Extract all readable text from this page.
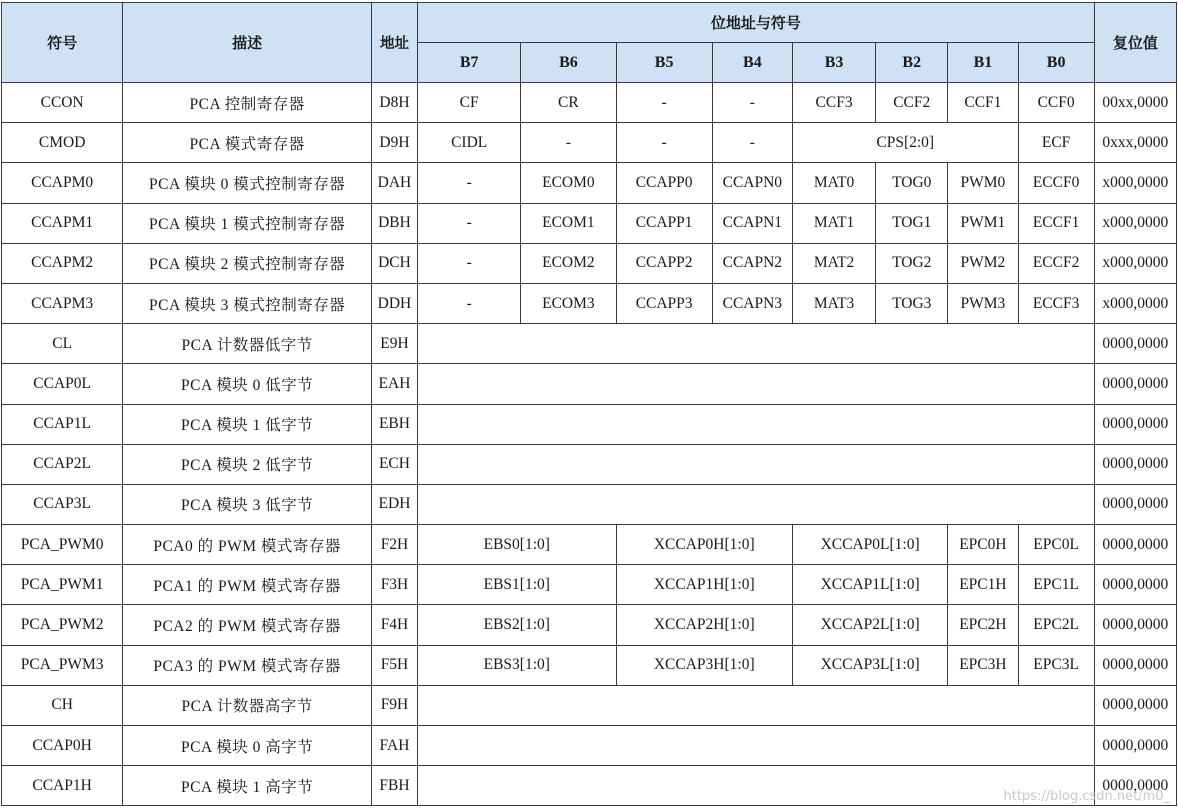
符号	描述	地址	位地址与符号								复位值
			B7	B6	B5	B4	B3	B2	B1	B0	
CCON	PCA 控制寄存器	D8H	CF	CR	-	-	CCF3	CCF2	CCF1	CCF0	00xx,0000
CMOD	PCA 模式寄存器	D9H	CIDL	-	-	-	CPS[2:0]			ECF	0xxx,0000
CCAPM0	PCA 模块 0 模式控制寄存器	DAH	-	ECOM0	CCAPP0	CCAPN0	MAT0	TOG0	PWM0	ECCF0	x000,0000
CCAPM1	PCA 模块 1 模式控制寄存器	DBH	-	ECOM1	CCAPP1	CCAPN1	MAT1	TOG1	PWM1	ECCF1	x000,0000
CCAPM2	PCA 模块 2 模式控制寄存器	DCH	-	ECOM2	CCAPP2	CCAPN2	MAT2	TOG2	PWM2	ECCF2	x000,0000
CCAPM3	PCA 模块 3 模式控制寄存器	DDH	-	ECOM3	CCAPP3	CCAPN3	MAT3	TOG3	PWM3	ECCF3	x000,0000
CL	PCA 计数器低字节	E9H									0000,0000
CCAP0L	PCA 模块 0 低字节	EAH									0000,0000
CCAP1L	PCA 模块 1 低字节	EBH									0000,0000
CCAP2L	PCA 模块 2 低字节	ECH									0000,0000
CCAP3L	PCA 模块 3 低字节	EDH									0000,0000
PCA_PWM0	PCA0 的 PWM 模式寄存器	F2H	EBS0[1:0]		XCCAP0H[1:0]		XCCAP0L[1:0]		EPC0H	EPC0L	0000,0000
PCA_PWM1	PCA1 的 PWM 模式寄存器	F3H	EBS1[1:0]		XCCAP1H[1:0]		XCCAP1L[1:0]		EPC1H	EPC1L	0000,0000
PCA_PWM2	PCA2 的 PWM 模式寄存器	F4H	EBS2[1:0]		XCCAP2H[1:0]		XCCAP2L[1:0]		EPC2H	EPC2L	0000,0000
PCA_PWM3	PCA3 的 PWM 模式寄存器	F5H	EBS3[1:0]		XCCAP3H[1:0]		XCCAP3L[1:0]		EPC3H	EPC3L	0000,0000
CH	PCA 计数器高字节	F9H									0000,0000
CCAP0H	PCA 模块 0 高字节	FAH									0000,0000
CCAP1H	PCA 模块 1 高字节	FBH									0000,0000
https://blog.csdn.net/m0_
